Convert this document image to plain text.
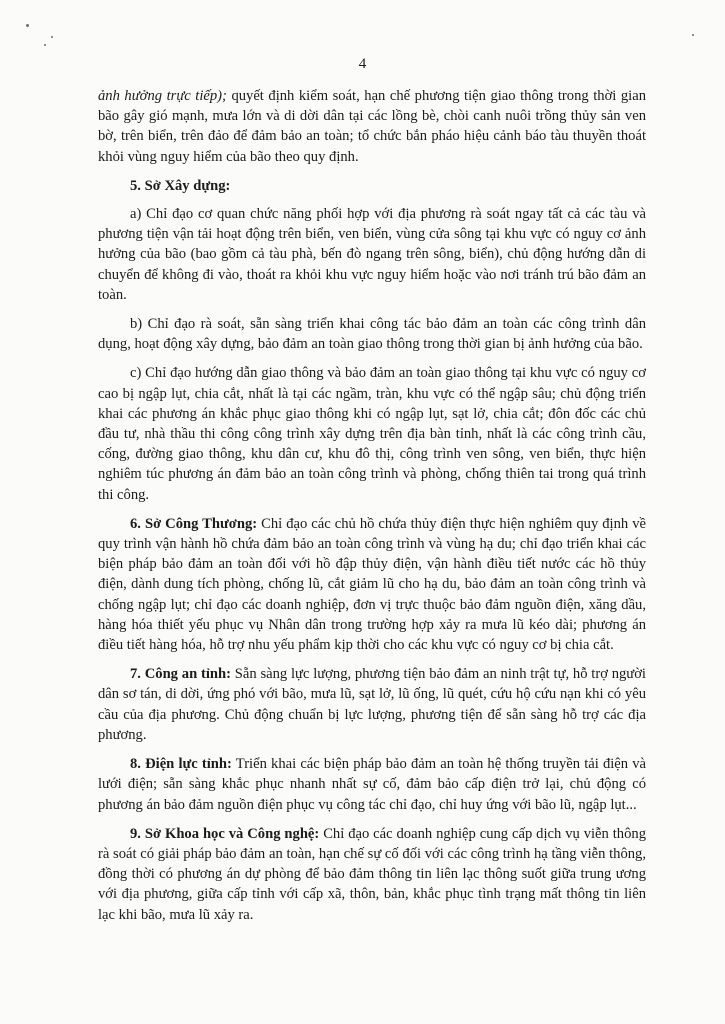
4

ảnh hưởng trực tiếp); quyết định kiểm soát, hạn chế phương tiện giao thông trong thời gian bão gây gió mạnh, mưa lớn và di dời dân tại các lồng bè, chòi canh nuôi trồng thủy sản ven bờ, trên biển, trên đảo để đảm bảo an toàn; tổ chức bắn pháo hiệu cảnh báo tàu thuyền thoát khỏi vùng nguy hiểm của bão theo quy định.

5. Sở Xây dựng:

a) Chỉ đạo cơ quan chức năng phối hợp với địa phương rà soát ngay tất cả các tàu và phương tiện vận tải hoạt động trên biển, ven biển, vùng cửa sông tại khu vực có nguy cơ ảnh hưởng của bão (bao gồm cả tàu phà, bến đò ngang trên sông, biển), chủ động hướng dẫn di chuyển để không đi vào, thoát ra khỏi khu vực nguy hiểm hoặc vào nơi tránh trú bão đảm an toàn.

b) Chỉ đạo rà soát, sẵn sàng triển khai công tác bảo đảm an toàn các công trình dân dụng, hoạt động xây dựng, bảo đảm an toàn giao thông trong thời gian bị ảnh hưởng của bão.

c) Chỉ đạo hướng dẫn giao thông và bảo đảm an toàn giao thông tại khu vực có nguy cơ cao bị ngập lụt, chia cắt, nhất là tại các ngầm, tràn, khu vực có thể ngập sâu; chủ động triển khai các phương án khắc phục giao thông khi có ngập lụt, sạt lở, chia cắt; đôn đốc các chủ đầu tư, nhà thầu thi công công trình xây dựng trên địa bàn tỉnh, nhất là các công trình cầu, cống, đường giao thông, khu dân cư, khu đô thị, công trình ven sông, ven biển, thực hiện nghiêm túc phương án đảm bảo an toàn công trình và phòng, chống thiên tai trong quá trình thi công.

6. Sở Công Thương: Chỉ đạo các chủ hồ chứa thủy điện thực hiện nghiêm quy định về quy trình vận hành hồ chứa đảm bảo an toàn công trình và vùng hạ du; chỉ đạo triển khai các biện pháp bảo đảm an toàn đối với hồ đập thủy điện, vận hành điều tiết nước các hồ thủy điện, dành dung tích phòng, chống lũ, cắt giảm lũ cho hạ du, bảo đảm an toàn công trình và chống ngập lụt; chỉ đạo các doanh nghiệp, đơn vị trực thuộc bảo đảm nguồn điện, xăng dầu, hàng hóa thiết yếu phục vụ Nhân dân trong trường hợp xảy ra mưa lũ kéo dài; phương án điều tiết hàng hóa, hỗ trợ nhu yếu phẩm kịp thời cho các khu vực có nguy cơ bị chia cắt.

7. Công an tỉnh: Sẵn sàng lực lượng, phương tiện bảo đảm an ninh trật tự, hỗ trợ người dân sơ tán, di dời, ứng phó với bão, mưa lũ, sạt lở, lũ ống, lũ quét, cứu hộ cứu nạn khi có yêu cầu của địa phương. Chủ động chuẩn bị lực lượng, phương tiện để sẵn sàng hỗ trợ các địa phương.

8. Điện lực tỉnh: Triển khai các biện pháp bảo đảm an toàn hệ thống truyền tải điện và lưới điện; sẵn sàng khắc phục nhanh nhất sự cố, đảm bảo cấp điện trở lại, chủ động có phương án bảo đảm nguồn điện phục vụ công tác chỉ đạo, chỉ huy ứng với bão lũ, ngập lụt...

9. Sở Khoa học và Công nghệ: Chỉ đạo các doanh nghiệp cung cấp dịch vụ viễn thông rà soát có giải pháp bảo đảm an toàn, hạn chế sự cố đối với các công trình hạ tầng viễn thông, đồng thời có phương án dự phòng để bảo đảm thông tin liên lạc thông suốt giữa trung ương với địa phương, giữa cấp tỉnh với cấp xã, thôn, bản, khắc phục tình trạng mất thông tin liên lạc khi bão, mưa lũ xảy ra.
